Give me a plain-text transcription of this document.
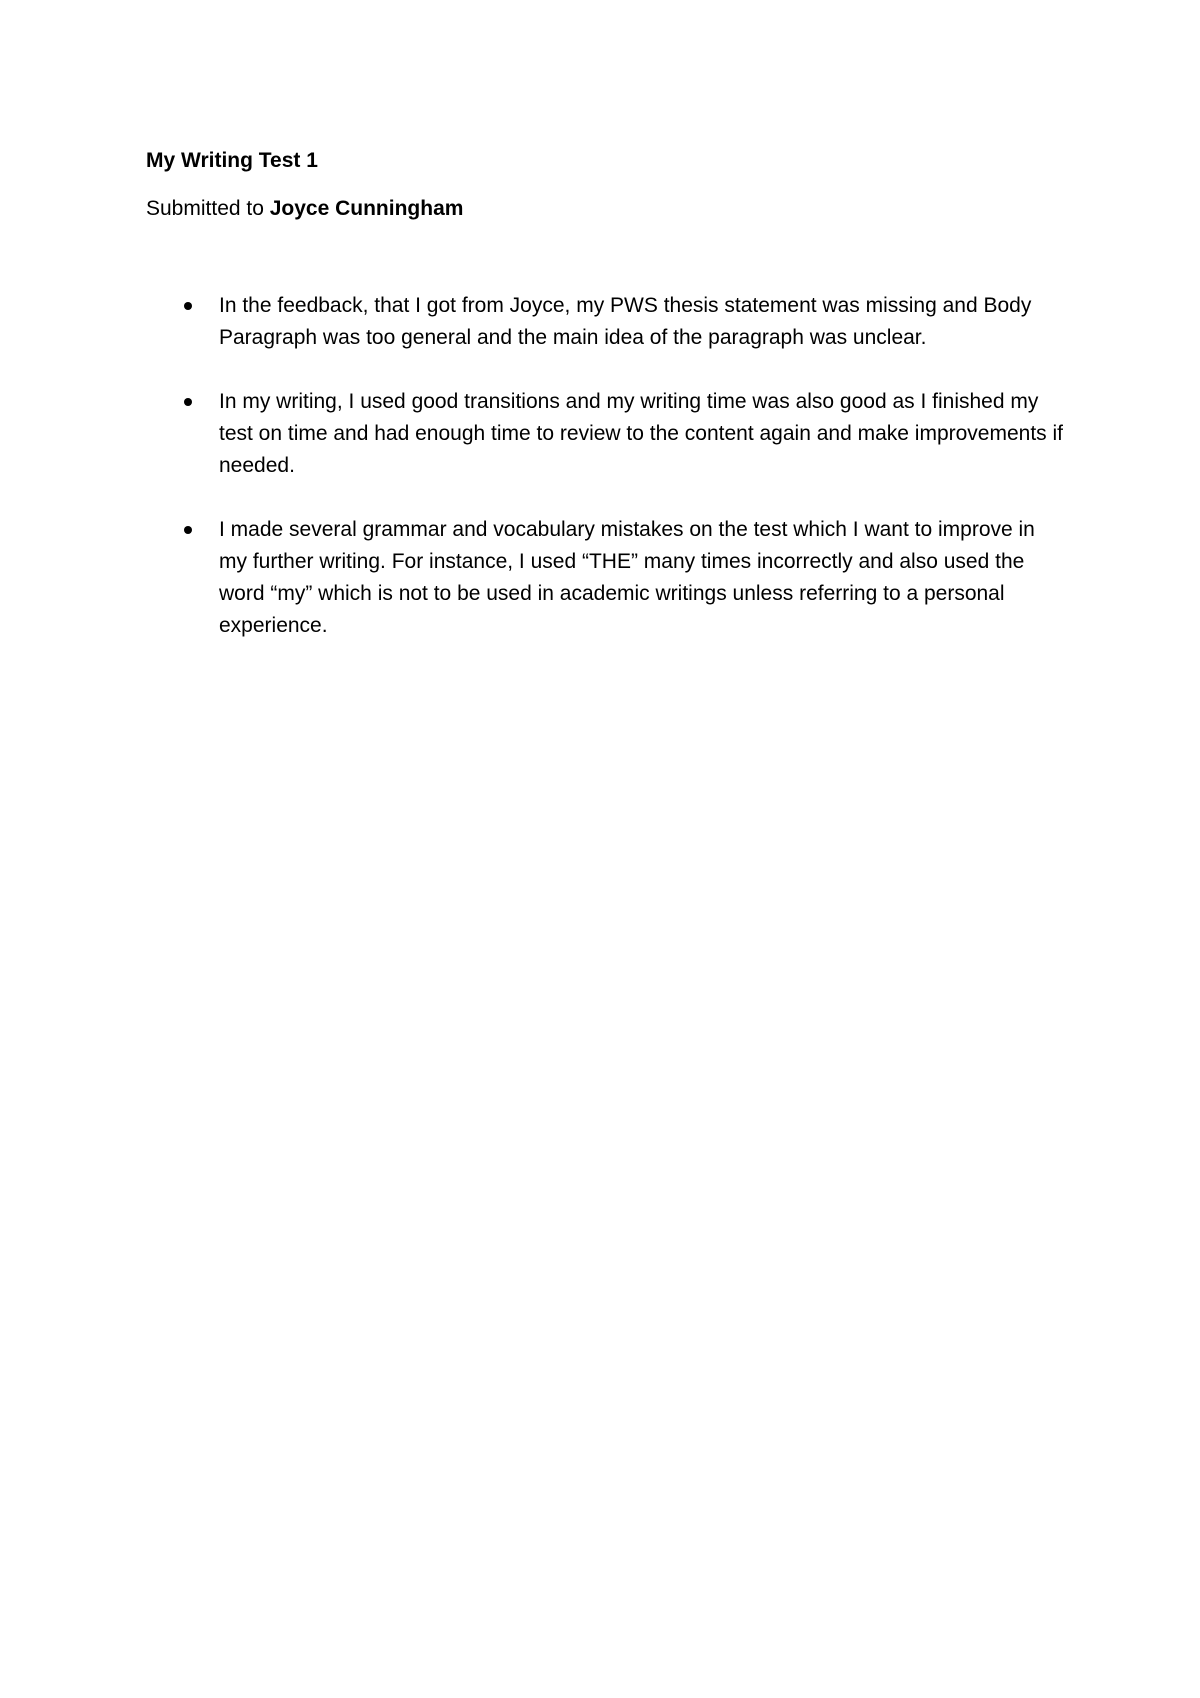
My Writing Test 1
Submitted to Joyce Cunningham
In the feedback, that I got from Joyce, my PWS thesis statement was missing and Body Paragraph was too general and the main idea of the paragraph was unclear.
In my writing, I used good transitions and my writing time was also good as I finished my test on time and had enough time to review to the content again and make improvements if needed.
I made several grammar and vocabulary mistakes on the test which I want to improve in my further writing. For instance, I used “THE” many times incorrectly and also used the word “my” which is not to be used in academic writings unless referring to a personal experience.
